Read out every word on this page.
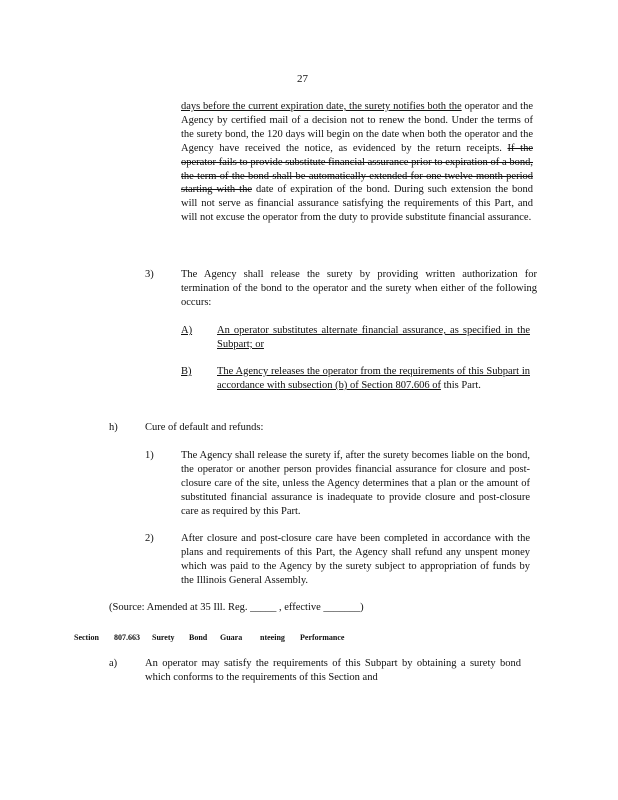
27
days before the current expiration date, the surety notifies both the operator and the Agency by certified mail of a decision not to renew the bond. Under the terms of the surety bond, the 120 days will begin on the date when both the operator and the Agency have received the notice, as evidenced by the return receipts. If the operator fails to provide substitute financial assurance prior to expiration of a bond, the term of the bond shall be automatically extended for one twelve month period starting with the date of expiration of the bond. During such extension the bond will not serve as financial assurance satisfying the requirements of this Part, and will not excuse the operator from the duty to provide substitute financial assurance.
3)	The Agency shall release the surety by providing written authorization for termination of the bond to the operator and the surety when either of the following occurs:
A) An operator substitutes alternate financial assurance, as specified in the Subpart; or
B) The Agency releases the operator from the requirements of this Subpart in accordance with subsection (b) of Section 807.606 of this Part.
h)	Cure of default and refunds:
1)	The Agency shall release the surety if, after the surety becomes liable on the bond, the operator or another person provides financial assurance for closure and post-closure care of the site, unless the Agency determines that a plan or the amount of substituted financial assurance is inadequate to provide closure and post-closure care as required by this Part.
2)	After closure and post-closure care have been completed in accordance with the plans and requirements of this Part, the Agency shall refund any unspent money which was paid to the Agency by the surety subject to appropriation of funds by the Illinois General Assembly.
(Source: Amended at 35 Ill. Reg. _____ , effective _______)
Section 807.663 Surety Bond Guara nteeing Performance
a)	An operator may satisfy the requirements of this Subpart by obtaining a surety bond which conforms to the requirements of this Section and
